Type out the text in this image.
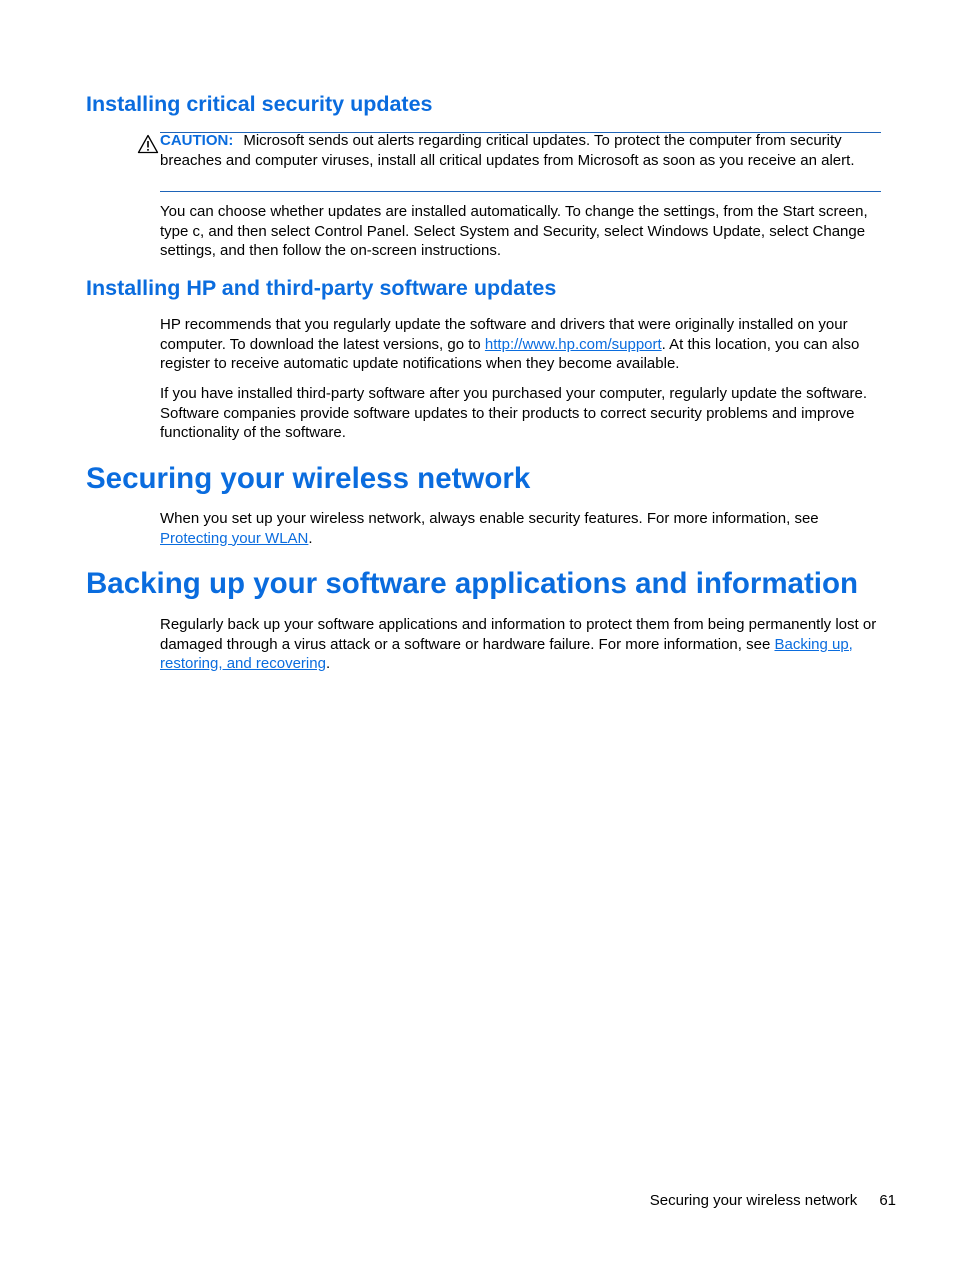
Installing critical security updates

CAUTION: Microsoft sends out alerts regarding critical updates. To protect the computer from security breaches and computer viruses, install all critical updates from Microsoft as soon as you receive an alert.

You can choose whether updates are installed automatically. To change the settings, from the Start screen, type c, and then select Control Panel. Select System and Security, select Windows Update, select Change settings, and then follow the on-screen instructions.

Installing HP and third-party software updates

HP recommends that you regularly update the software and drivers that were originally installed on your computer. To download the latest versions, go to http://www.hp.com/support. At this location, you can also register to receive automatic update notifications when they become available.

If you have installed third-party software after you purchased your computer, regularly update the software. Software companies provide software updates to their products to correct security problems and improve functionality of the software.

Securing your wireless network

When you set up your wireless network, always enable security features. For more information, see Protecting your WLAN.

Backing up your software applications and information

Regularly back up your software applications and information to protect them from being permanently lost or damaged through a virus attack or a software or hardware failure. For more information, see Backing up, restoring, and recovering.

Securing your wireless network 61
